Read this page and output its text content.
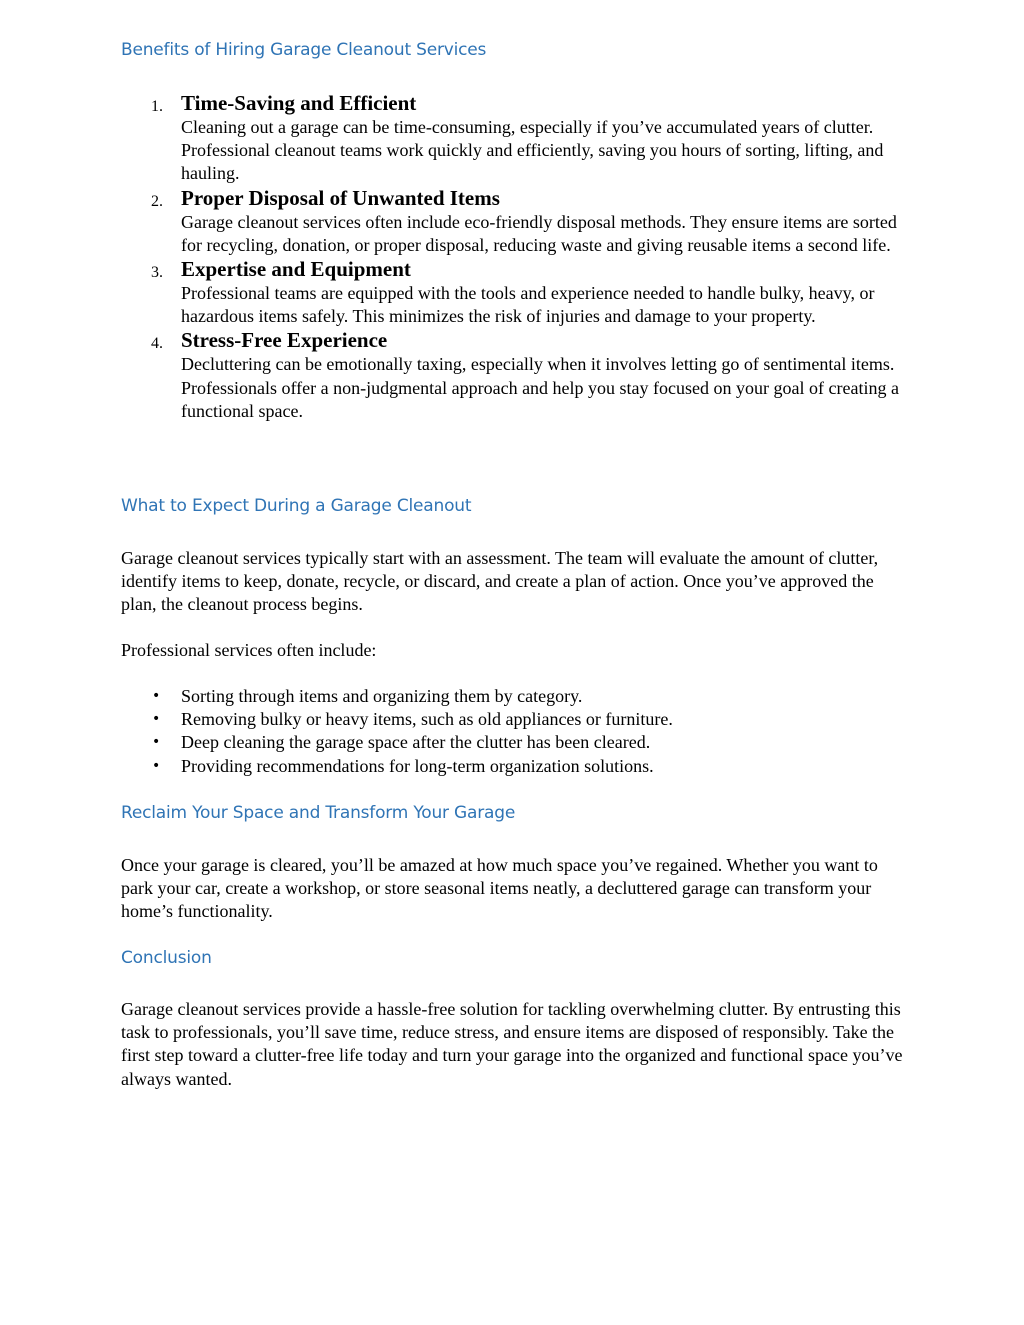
Benefits of Hiring Garage Cleanout Services
1. Time-Saving and Efficient
Cleaning out a garage can be time-consuming, especially if you’ve accumulated years of clutter. Professional cleanout teams work quickly and efficiently, saving you hours of sorting, lifting, and hauling.
2. Proper Disposal of Unwanted Items
Garage cleanout services often include eco-friendly disposal methods. They ensure items are sorted for recycling, donation, or proper disposal, reducing waste and giving reusable items a second life.
3. Expertise and Equipment
Professional teams are equipped with the tools and experience needed to handle bulky, heavy, or hazardous items safely. This minimizes the risk of injuries and damage to your property.
4. Stress-Free Experience
Decluttering can be emotionally taxing, especially when it involves letting go of sentimental items. Professionals offer a non-judgmental approach and help you stay focused on your goal of creating a functional space.
What to Expect During a Garage Cleanout

Garage cleanout services typically start with an assessment. The team will evaluate the amount of clutter, identify items to keep, donate, recycle, or discard, and create a plan of action. Once you’ve approved the plan, the cleanout process begins.

Professional services often include:

• Sorting through items and organizing them by category.
• Removing bulky or heavy items, such as old appliances or furniture.
• Deep cleaning the garage space after the clutter has been cleared.
• Providing recommendations for long-term organization solutions.
Reclaim Your Space and Transform Your Garage

Once your garage is cleared, you’ll be amazed at how much space you’ve regained. Whether you want to park your car, create a workshop, or store seasonal items neatly, a decluttered garage can transform your home’s functionality.

Conclusion

Garage cleanout services provide a hassle-free solution for tackling overwhelming clutter. By entrusting this task to professionals, you’ll save time, reduce stress, and ensure items are disposed of responsibly. Take the first step toward a clutter-free life today and turn your garage into the organized and functional space you’ve always wanted.
